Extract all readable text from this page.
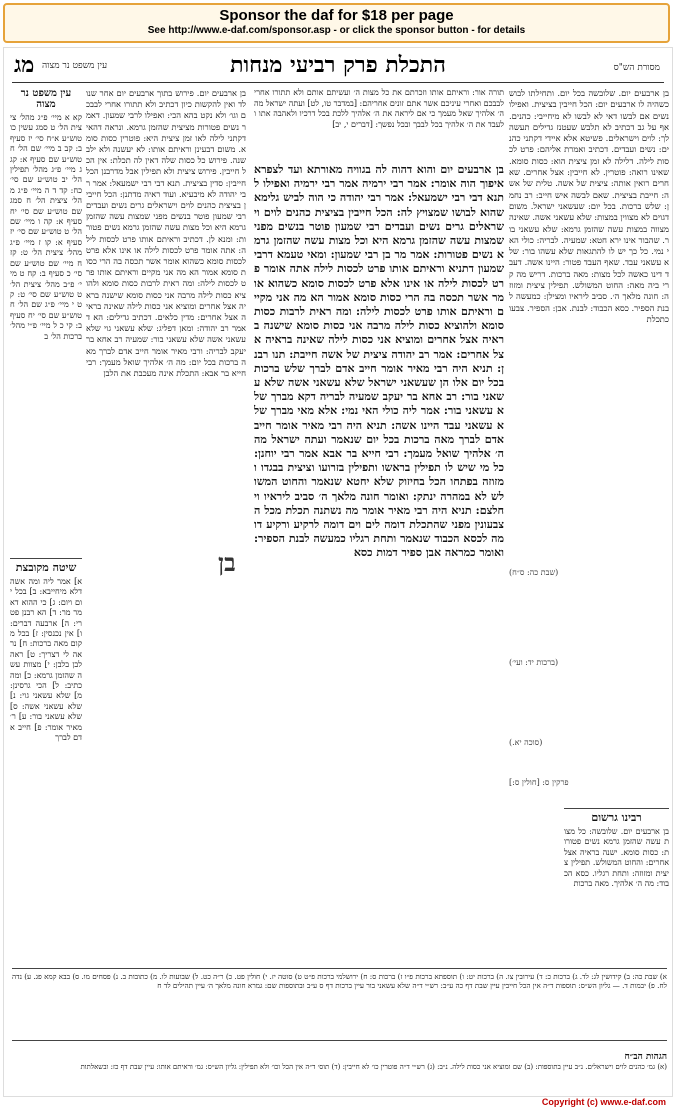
Sponsor the daf for $18 per page
See http://www.e-daf.com/sponsor.asp - or click the sponsor button - for details
מג עין משפט נר מצוה	התכלת פרק רביעי מנחות	מסורת הש"ס
עין משפט נר מצוה
קא א מיי׳ פ״ג מהל׳ ציצית הל׳ ט סמג עשין כו טוש״ע א״ח סי׳ יז סעיף ב: קב ב מיי׳ שם הל׳ ח טוש״ע שם סעיף א: קג ג מיי׳ פ״ג מהל׳ תפילין הל׳ יב טוש״ע שם סי׳ כח: קד ד ה מיי׳ פ״ג מהל׳ ציצית הל׳ ח סמג שם טוש״ע שם סי׳ יח סעיף א: קה ו מיי׳ שם הל׳ ט טוש״ע שם סי׳ יז סעיף א: קו ז מיי׳ פ״ג מהל׳ ציצית הל׳ ט: קז ח מיי׳ שם טוש״ע שם סי׳ כ סעיף ב: קח ט מיי׳ פ״ב מהל׳ ציצית הל׳ ט טוש״ע שם סי׳ ט: קט י מיי׳ פ״ג שם הל׳ ח טוש״ע שם סי׳ יח סעיף ב: קי כ ל מיי׳ פ״י מהל׳ ברכות הל׳ ב
שיטה מקובצת
א] אמר ליה ומה אשה דלא מיחייבא: ב] בכל יום ויום: ג] כי ההוא דאמר מר: ד] הא רבנן פטרי: ה] ארבעה דברים: ו] אין נכנסין: ז] בכל מקום מאה ברכות: ח] נראה לי דצריך: ט] ראה לבן בלבן: י] מצוות עשה שהזמן גרמא: כ] ומה כתיב: ל] הכי גרסינן: מ] שלא עשאני גוי: נ] שלא עשאני אשה: ס] שלא עשאני בור: ע] ר׳ מאיר אומר: פ] חייב אדם לברך
בן ארבעים יום. פירוש בתוך ארבעים יום אחר שנולד ואין להקשות כיון דכתיב ולא תתורו אחרי לבבכם וגו׳ ולא נקט בהא הכי: ואפילו לרבי שמעון. דאמר נשים פטורות מציצית שהזמן גרמא. ונראה דהאי דקתני לילה לאו זמן ציצית היא: פוטרין כסות סומא. משום דבעינן וראיתם אותו: לא יעשנה ולא ילבשנה. פירוש כל כסות שלה דאין לה תכלת: אין הכל חייבין. פירוש ציצית ולא תפילין אבל מדרבנן הכל חייבין: סדין בציצית. תנא דבי רבי ישמעאל: אמר רבי יהודה לא מיבעיא. ועוד ראיה מדתנן: הכל חייבין בציצית כהנים לוים וישראלים גרים נשים ועבדים רבי שמעון פוטר בנשים מפני שמצות עשה שהזמן גרמא היא וכל מצות עשה שהזמן גרמא נשים פטורות: ומנא לן. דכתיב וראיתם אותו פרט לכסות לילה: אתה אומר פרט לכסות לילה או אינו אלא פרט לכסות סומא כשהוא אומר אשר תכסה בה הרי כסות סומא אמור הא מה אני מקיים וראיתם אותו פרט לכסות לילה: ומה ראית לרבות כסות סומא ולהוציא כסות לילה מרבה אני כסות סומא שישנה בראיה אצל אחרים ומוציא אני כסות לילה שאינה בראיה אצל אחרים: מדין כלאים. דכתיב גדילים: הא דאמר רב יהודה: ומאן דפליג: שלא עשאני גוי שלא עשאני אשה שלא עשאני בור: שמעיה רב אחא בר יעקב לבריה: ורבי מאיר אומר חייב אדם לברך מאה ברכות בכל יום: מה ה׳ אלהיך שואל מעמך: רבי חייא בר אבא: התכלת אינה מעכבת את הלבן
תורה אור: וראיתם אותו וזכרתם את כל מצות ה׳ ועשיתם אותם ולא תתורו אחרי לבבכם ואחרי עיניכם אשר אתם זונים אחריהם: [במדבר טו, לט] ועתה ישראל מה ה׳ אלהיך שאל מעמך כי אם ליראה את ה׳ אלהיך ללכת בכל דרכיו ולאהבה אתו ולעבד את ה׳ אלהיך בכל לבבך ובכל נפשך: [דברים י, יב]
בן ארבעים יום והוא דהוה לה בגוויה מאורתא ועד לצפרא איפוך הוה אומר: אמר רבי ירמיה אמר רבי ירמיה ואפילו לתנא דבי רבי ישמעאל: אמר רבי יהודה כי הוה לביש גלימא שהוא לבושו שמצויץ לה: הכל חייבין בציצית כהנים לוים וישראלים גרים נשים ועבדים רבי שמעון פוטר בנשים מפני שמצות עשה שהזמן גרמא היא וכל מצות עשה שהזמן גרמא נשים פטורות: אמר מר בן רבי שמעון: ומאי טעמא דרבי שמעון דתניא וראיתם אותו פרט לכסות לילה אתה אומר פרט לכסות לילה או אינו אלא פרט לכסות סומא כשהוא אומר אשר תכסה בה הרי כסות סומא אמור הא מה אני מקיים וראיתם אותו פרט לכסות לילה: ומה ראית לרבות כסות סומא ולהוציא כסות לילה מרבה אני כסות סומא שישנה בראיה אצל אחרים ומוציא אני כסות לילה שאינה בראיה אצל אחרים: אמר רב יהודה ציצית של אשה חייבת: תנו רבנן: תניא היה רבי מאיר אומר חייב אדם לברך שלש ברכות בכל יום אלו הן שעשאני ישראל שלא עשאני אשה שלא עשאני בור: רב אחא בר יעקב שמעיה לבריה דקא מברך שלא עשאני בור: אמר ליה כולי האי נמי: אלא מאי מברך שלא עשאני עבד היינו אשה: תניא היה רבי מאיר אומר חייב אדם לברך מאה ברכות בכל יום שנאמר ועתה ישראל מה ה׳ אלהיך שואל מעמך: רבי חייא בר אבא אמר רבי יוחנן: כל מי שיש לו תפילין בראשו ותפילין בזרועו וציצית בבגדו ומזוזה בפתחו הכל בחיזוק שלא יחטא שנאמר והחוט המשולש לא במהרה ינתק: ואומר חונה מלאך ה׳ סביב ליראיו ויחלצם: תניא היה רבי מאיר אומר מה נשתנה תכלת מכל הצבעונין מפני שהתכלת דומה לים וים דומה לרקיע ורקיע דומה לכסא הכבוד שנאמר ותחת רגליו כמעשה לבנת הספיר: ואומר כמראה אבן ספיר דמות כסא
בן ארבעים יום. שלובשה בכל יום. ותחילתו לבוש כשהיה לו ארבעים יום: הכל חייבין בציצית. ואפילו נשים אם לבשו דאי לא לבשו לא מיחייבי: כהנים. אף על גב דכתיב לא תלבש שעטנז גדילים תעשה לך: לוים וישראלים. פשיטא אלא איידי דקתני כהנים: נשים ועבדים. דכתיב ואמרת אליהם: פרט לכסות לילה. דלילה לא זמן ציצית הוא: כסות סומא. שאינו רואה: פוטרין. לא חייבין: אצל אחרים. שאחרים רואין אותה: ציצית של אשה. טלית של אשה: חייבת בציצית. שאם לבשה איש חייב: רב נחמן: שלש ברכות. בכל יום: שעשאני ישראל. משום דגוים לא מצווין במצות: שלא עשאני אשה. שאינה מצווה במצות עשה שהזמן גרמא: שלא עשאני בור. שהבור אינו ירא חטא: שמעיה. לבריה: כולי האי נמי. כל כך יש לו להתגאות שלא עשהו בור: שלא עשאני עבד. שאף העבד פטור: היינו אשה. דעבד דינו כאשה לכל מצות: מאה ברכות. דריש מה קרי ביה מאה: החוט המשולש. תפילין ציצית ומזוזה: חונה מלאך ה׳. סביב ליראיו ומצילן: כמעשה לבנת הספיר. כסא הכבוד: לבנת. אבן: הספיר. צבעו כתכלת
רבינו גרשום
בן ארבעים יום. שלובשה: כל מצות עשה שהזמן גרמא נשים פטורות: כסות סומא. ישנה בראיה אצל אחרים: והחוט המשולש. תפילין ציצית ומזוזה: ותחת רגליו. כסא הכבוד: מה ה׳ אלהיך. מאה ברכות
(ברכות יד: ועי׳)
(סוכה יא.)
פרקין ס: [חולין ס:]
(שבת כה: ס״ח)
בן
א) שבת כה: ב) קידושין לג: לד. ג) ברכות כ: ד) עירובין צו. ה) ברכות יט: ו) תוספתא ברכות פ״ו ז) ברכות ס: ח) ירושלמי ברכות פ״ט ט) סוטה יז. י) חולין פט. כ) ר״ה כט. ל) שבועות לו. מ) כתובות ב. נ) פסחים מו. ס) בבא קמא פג. ע) נדה לח. פ) יבמות ד. — גליון הש״ס: תוספות ד״ה אין הכל חייבין עיין שבת דף כה ע״ב: רש״י ד״ה שלא עשאני בור עיין ברכות דף ס ע״ב ובתוספות שם: גמרא חונה מלאך ה׳ עיין תהילים לד ח
הגהות הב״ח
(א) גמ׳ כהנים לוים וישראלים. נ״ב עיין בתוספות: (ב) שם ומוציא אני כסות לילה. נ״ב: (ג) רש״י ד״ה פוטרין כו׳ לא חייבין: (ד) תוס׳ ד״ה אין הכל וכו׳ ולא תפילין: גליון הש״ס: גמ׳ וראיתם אותו: עיין שבת דף כז: ובשאלתות
Copyright (c) www.e-daf.com
